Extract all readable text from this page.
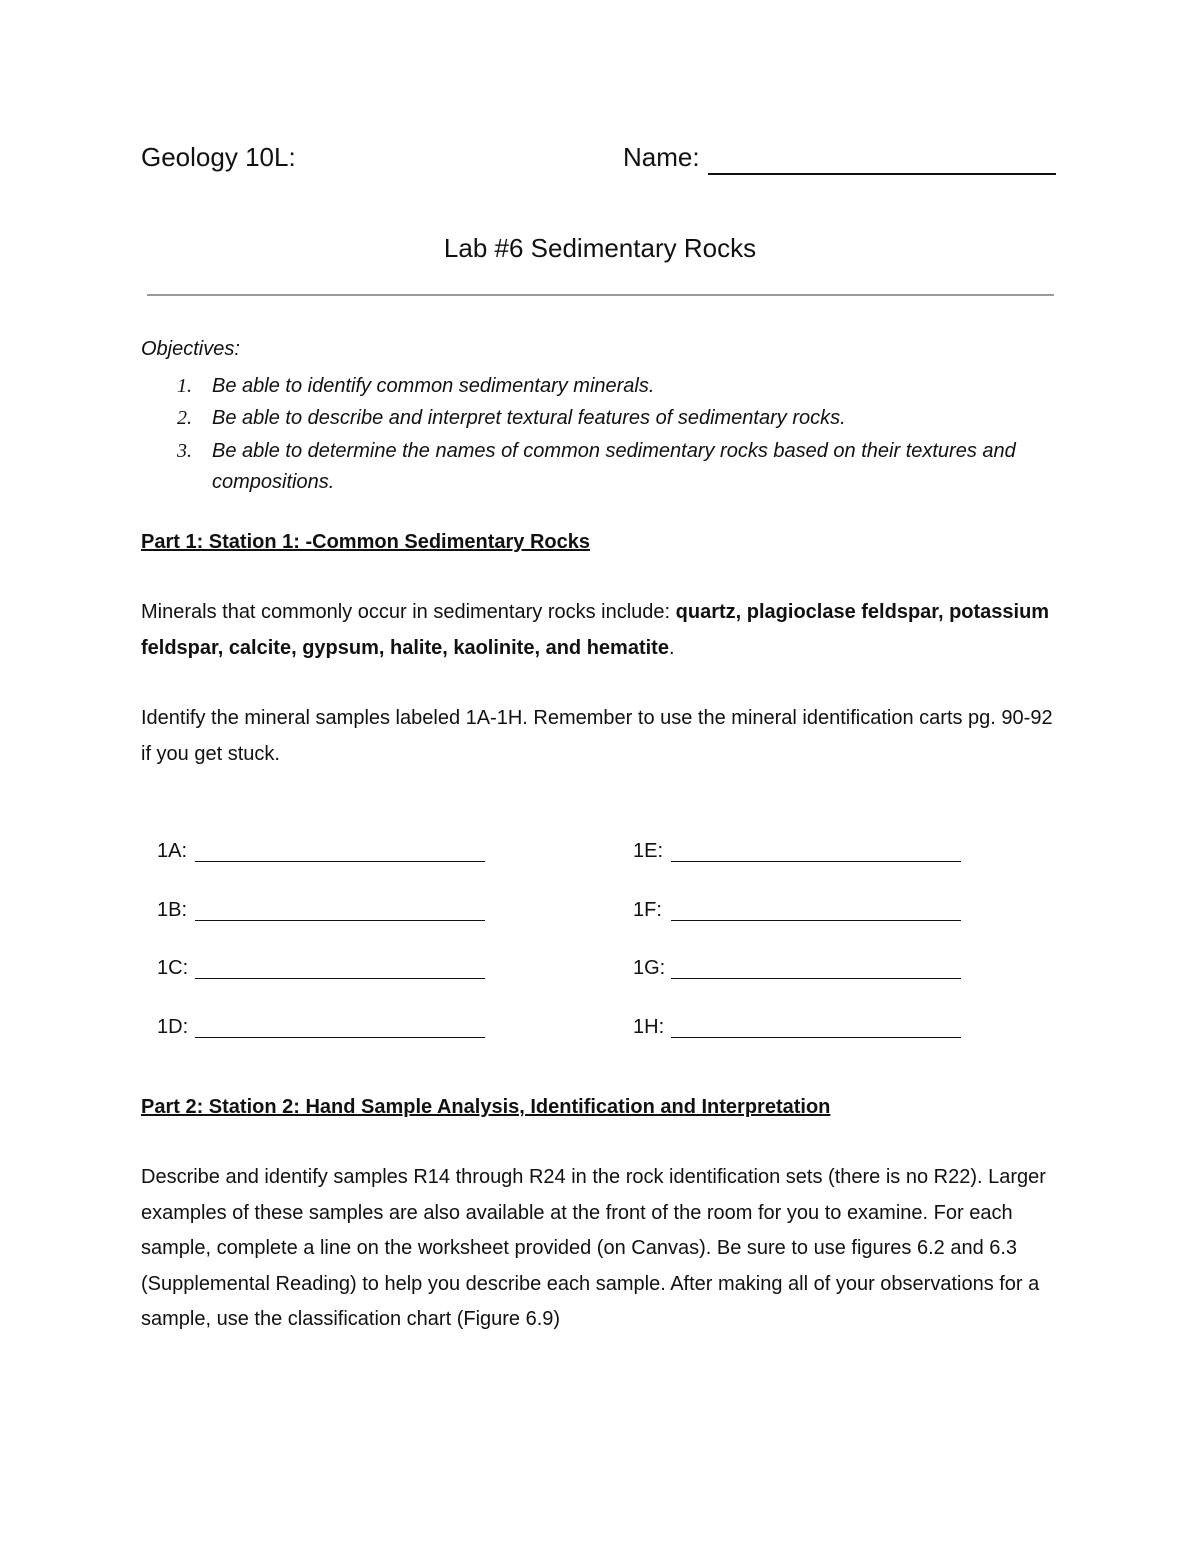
Geology 10L:	Name:
Lab #6 Sedimentary Rocks
Objectives:
1. Be able to identify common sedimentary minerals.
2. Be able to describe and interpret textural features of sedimentary rocks.
3. Be able to determine the names of common sedimentary rocks based on their textures and compositions.
Part 1: Station 1: -Common Sedimentary Rocks
Minerals that commonly occur in sedimentary rocks include: quartz, plagioclase feldspar, potassium feldspar, calcite, gypsum, halite, kaolinite, and hematite.
Identify the mineral samples labeled 1A-1H. Remember to use the mineral identification carts pg. 90-92 if you get stuck.
1A:
1B:
1C:
1D:
1E:
1F:
1G:
1H:
Part 2: Station 2: Hand Sample Analysis, Identification and Interpretation
Describe and identify samples R14 through R24 in the rock identification sets (there is no R22). Larger examples of these samples are also available at the front of the room for you to examine. For each sample, complete a line on the worksheet provided (on Canvas). Be sure to use figures 6.2 and 6.3 (Supplemental Reading) to help you describe each sample. After making all of your observations for a sample, use the classification chart (Figure 6.9)
